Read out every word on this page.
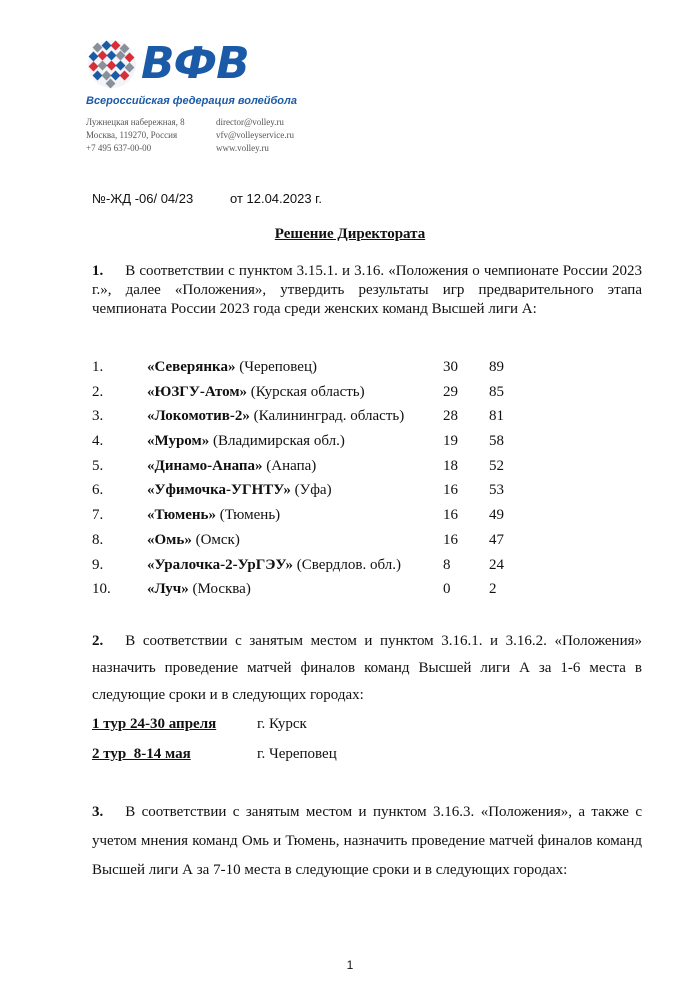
ВФВ
Всероссийская федерация волейбола
Лужнецкая набережная, 8
Москва, 119270, Россия
+7 495 637-00-00
director@volley.ru
vfv@volleyservice.ru
www.volley.ru
№-ЖД -06/ 04/23	от 12.04.2023 г.
Решение Директората
1. В соответствии с пунктом 3.15.1. и 3.16. «Положения о чемпионате России 2023 г.», далее «Положения», утвердить результаты игр предварительного этапа чемпионата России 2023 года среди женских команд Высшей лиги А:
1.	«Северянка» (Череповец)	30 89
2.	«ЮЗГУ-Атом» (Курская область)	29 85
3.	«Локомотив-2» (Калининград. область)	28 81
4.	«Муром» (Владимирская обл.)	19 58
5.	«Динамо-Анапа» (Анапа)	18 52
6.	«Уфимочка-УГНТУ» (Уфа)	16 53
7.	«Тюмень» (Тюмень)	16 49
8.	«Омь» (Омск)	16 47
9.	«Уралочка-2-УрГЭУ» (Свердлов. обл.)	8	24
10. «Луч» (Москва)	0	2
2. В соответствии с занятым местом и пунктом 3.16.1. и 3.16.2. «Положения» назначить проведение матчей финалов команд Высшей лиги А за 1-6 места в следующие сроки и в следующих городах:
1 тур 24-30 апреля	г. Курск
2 тур  8-14 мая	г. Череповец
3. В соответствии с занятым местом и пунктом 3.16.3. «Положения», а также с учетом мнения команд Омь и Тюмень, назначить проведение матчей финалов команд Высшей лиги А за 7-10 места в следующие сроки и в следующих городах:
1
